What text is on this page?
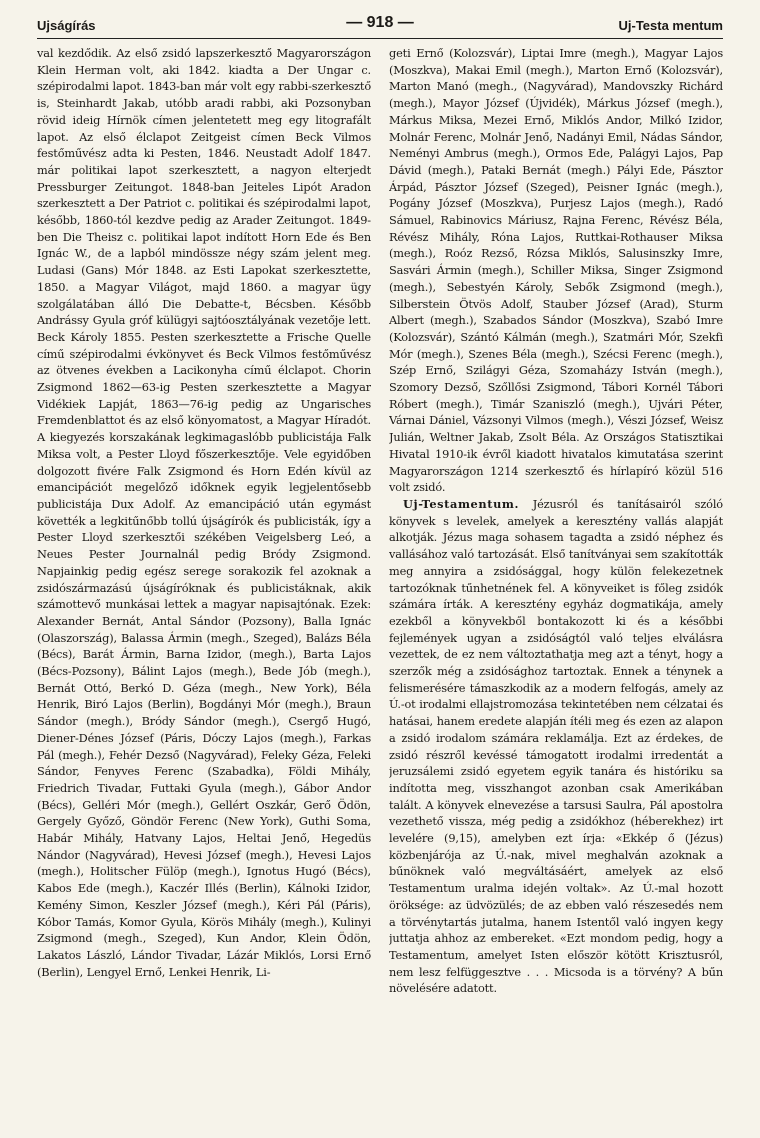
Ujságírás	— 918 —	Uj-Testa mentum

val kezdődik. Az első zsidó lapszerkesztő Magyarországon Klein Herman volt, aki 1842. kiadta a Der Ungar c. szépirodalmi lapot. 1843-ban már volt egy rabbi-szerkesztő is, Steinhardt Jakab, utóbb aradi rabbi, aki Pozsonyban rövid ideig Hírnök címen jelentetett meg egy litografált lapot. Az első élclapot Zeitgeist címen Beck Vilmos festőművész adta ki Pesten, 1846. Neustadt Adolf 1847. már politikai lapot szerkesztett, a nagyon elterjedt Pressburger Zeitungot. 1848-ban Jeiteles Lipót Aradon szerkesztett a Der Patriot c. politikai és szépirodalmi lapot, később, 1860-tól kezdve pedig az Arader Zeitungot. 1849-ben Die Theisz c. politikai lapot indított Horn Ede és Ben Ignác W., de a lapból mindössze négy szám jelent meg. Ludasi (Gans) Mór 1848. az Esti Lapokat szerkesztette, 1850. a Magyar Világot, majd 1860. a magyar ügy szolgálatában álló Die Debatte-t, Bécsben. Később Andrássy Gyula gróf külügyi sajtóosztályának vezetője lett. Beck Károly 1855. Pesten szerkesztette a Frische Quelle című szépirodalmi évkönyvet és Beck Vilmos festőművész az ötvenes években a Lacikonyha című élclapot. Chorin Zsigmond 1862—63-ig Pesten szerkesztette a Magyar Vidékiek Lapját, 1863—76-ig pedig az Ungarisches Fremdenblattot és az első könyomatost, a Magyar Híradót. A kiegyezés korszakának legkimagaslóbb publicistája Falk Miksa volt, a Pester Lloyd főszerkesztője. Vele egyidőben dolgozott fivére Falk Zsigmond és Horn Edén kívül az emancipációt megelőző időknek egyik legjelentősebb publicistája Dux Adolf. Az emancipáció után egymást követték a legkitűnőbb tollú újságírók és publicisták, így a Pester Lloyd szerkesztői székében Veigelsberg Leó, a Neues Pester Journalnál pedig Bródy Zsigmond. Napjainkig pedig egész serege sorakozik fel azoknak a zsidószármazású újságíróknak és publicistáknak, akik számottevő munkásai lettek a magyar napisajtónak. Ezek: Alexander Bernát, Antal Sándor (Pozsony), Balla Ignác (Olaszország), Balassa Ármin (megh., Szeged), Balázs Béla (Bécs), Barát Ármin, Barna Izidor, (megh.), Barta Lajos (Bécs-Pozsony), Bálint Lajos (megh.), Bede Jób (megh.), Bernát Ottó, Berkó D. Géza (megh., New York), Béla Henrik, Biró Lajos (Berlin), Bogdányi Mór (megh.), Braun Sándor (megh.), Bródy Sándor (megh.), Csergő Hugó, Diener-Dénes József (Páris, Dóczy Lajos (megh.), Farkas Pál (megh.), Fehér Dezső (Nagyvárad), Feleky Géza, Feleki Sándor, Fenyves Ferenc (Szabadka), Földi Mihály, Friedrich Tivadar, Futtaki Gyula (megh.), Gábor Andor (Bécs), Gelléri Mór (megh.), Gellért Oszkár, Gerő Ödön, Gergely Győző, Göndör Ferenc (New York), Guthi Soma, Habár Mihály, Hatvany Lajos, Heltai Jenő, Hegedüs Nándor (Nagyvárad), Hevesi József (megh.), Hevesi Lajos (megh.), Holitscher Fülöp (megh.), Ignotus Hugó (Bécs), Kabos Ede (megh.), Kaczér Illés (Berlin), Kálnoki Izidor, Kemény Simon, Keszler József (megh.), Kéri Pál (Páris), Kóbor Tamás, Komor Gyula, Körös Mihály (megh.), Kulinyi Zsigmond (megh., Szeged), Kun Andor, Klein Ödön, Lakatos László, Lándor Tivadar, Lázár Miklós, Lorsi Ernő (Berlin), Lengyel Ernő, Lenkei Henrik, Li-

geti Ernő (Kolozsvár), Liptai Imre (megh.), Magyar Lajos (Moszkva), Makai Emil (megh.), Marton Ernő (Kolozsvár), Marton Manó (megh., (Nagyvárad), Mandovszky Richárd (megh.), Mayor József (Újvidék), Márkus József (megh.), Márkus Miksa, Mezei Ernő, Miklós Andor, Milkó Izidor, Molnár Ferenc, Molnár Jenő, Nadányi Emil, Nádas Sándor, Neményi Ambrus (megh.), Ormos Ede, Palágyi Lajos, Pap Dávid (megh.), Pataki Bernát (megh.) Pályi Ede, Pásztor Árpád, Pásztor József (Szeged), Peisner Ignác (megh.), Pogány József (Moszkva), Purjesz Lajos (megh.), Radó Sámuel, Rabinovics Máriusz, Rajna Ferenc, Révész Béla, Révész Mihály, Róna Lajos, Ruttkai-Rothauser Miksa (megh.), Roóz Rezső, Rózsa Miklós, Salusinszky Imre, Sasvári Ármin (megh.), Schiller Miksa, Singer Zsigmond (megh.), Sebestyén Károly, Sebők Zsigmond (megh.), Silberstein Ötvös Adolf, Stauber József (Arad), Sturm Albert (megh.), Szabados Sándor (Moszkva), Szabó Imre (Kolozsvár), Szántó Kálmán (megh.), Szatmári Mór, Szekfi Mór (megh.), Szenes Béla (megh.), Szécsi Ferenc (megh.), Szép Ernő, Szilágyi Géza, Szomaházy István (megh.), Szomory Dezső, Szőllősi Zsigmond, Tábori Kornél Tábori Róbert (megh.), Timár Szaniszló (megh.), Ujvári Péter, Várnai Dániel, Vázsonyi Vilmos (megh.), Vészi József, Weisz Julián, Weltner Jakab, Zsolt Béla. Az Országos Statisztikai Hivatal 1910-ik évről kiadott hivatalos kimutatása szerint Magyarországon 1214 szerkesztő és hírlapíró közül 516 volt zsidó.

Uj-Testamentum. Jézusról és tanításairól szóló könyvek s levelek, amelyek a keresztény vallás alapját alkotják. Jézus maga sohasem tagadta a zsidó néphez és vallásához való tartozását. Első tanítványai sem szakították meg annyira a zsidósággal, hogy külön felekezetnek tartozóknak tűnhetnének fel. A könyveiket is főleg zsidók számára írták. A keresztény egyház dogmatikája, amely ezekből a könyvekből bontakozott ki és a későbbi fejlemények ugyan a zsidóságtól való teljes elválásra vezettek, de ez nem változtathatja meg azt a tényt, hogy a szerzők még a zsidósághoz tartoztak. Ennek a ténynek a felismerésére támaszkodik az a modern felfogás, amely az Ú.-ot irodalmi ellajstromozása tekintetében nem célzatai és hatásai, hanem eredete alapján ítéli meg és ezen az alapon a zsidó irodalom számára reklamálja. Ezt az érdekes, de zsidó részről kevéssé támogatott irodalmi irredentát a jeruzsálemi zsidó egyetem egyik tanára és históriku sa indította meg, visszhangot azonban csak Amerikában talált. A könyvek elnevezése a tarsusi Saulra, Pál apostolra vezethető vissza, még pedig a zsidókhoz (héberekhez) irt levelére (9,15), amelyben ezt írja: «Ekkép ő (Jézus) közbenjárója az Ú.-nak, mivel meghalván azoknak a bűnöknek való megváltásáért, amelyek az első Testamentum uralma idején voltak». Az Ú.-mal hozott öröksége: az üdvözülés; de az ebben való részesedés nem a törvénytartás jutalma, hanem Istentől való ingyen kegy juttatja ahhoz az embereket. «Ezt mondom pedig, hogy a Testamentum, amelyet Isten először kötött Krisztusról, nem lesz felfüggesztve . . . Micsoda is a törvény? A bűn növelésére adatott.
